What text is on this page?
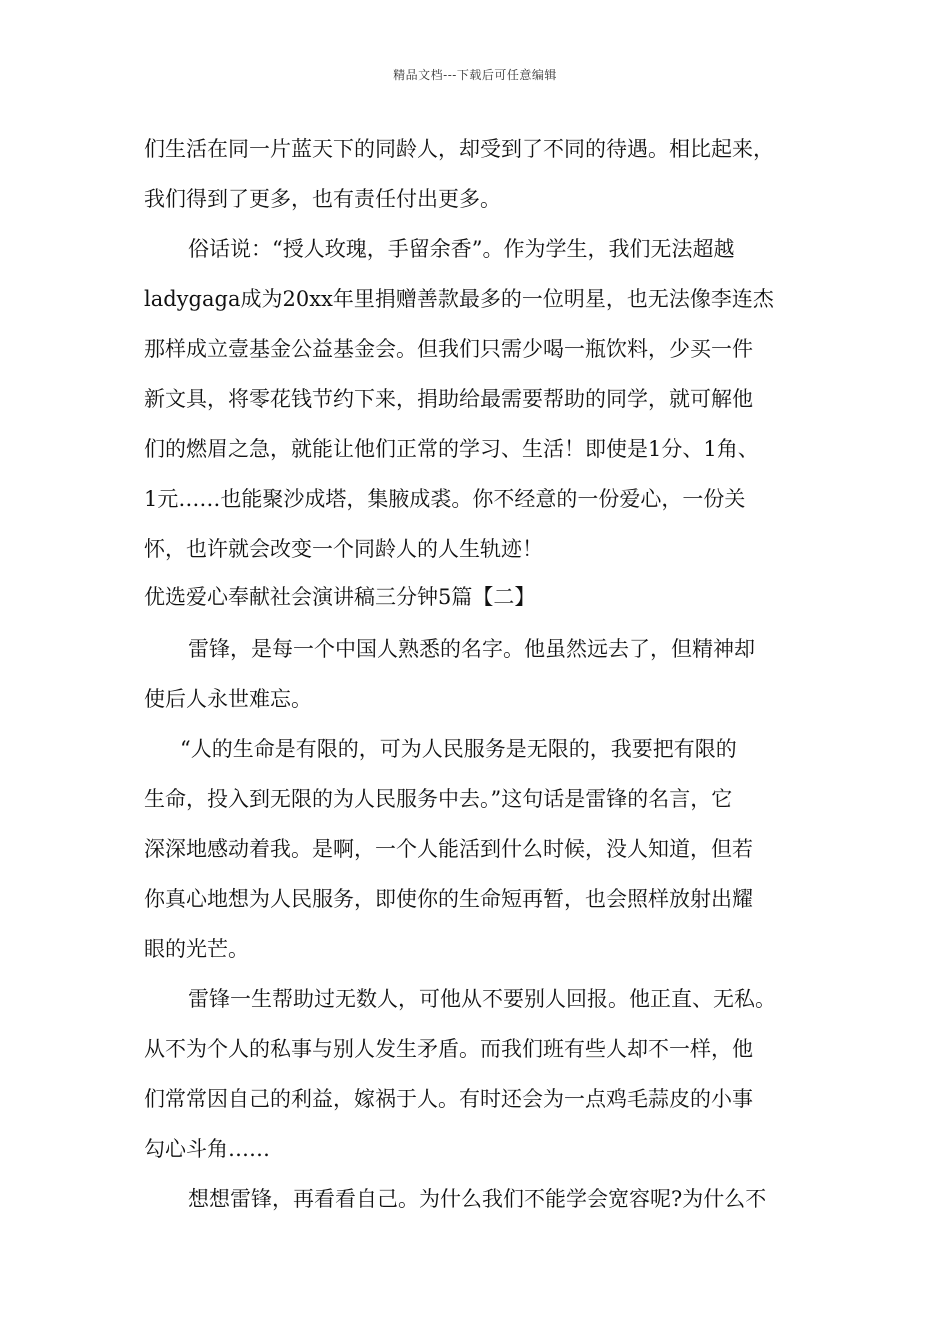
精品文档---下载后可任意编辑
们生活在同一片蓝天下的同龄人，却受到了不同的待遇。相比起来，
我们得到了更多，也有责任付出更多。
俗话说：“授人玫瑰，手留余香”。作为学生，我们无法超越
ladygaga成为20xx年里捐赠善款最多的一位明星，也无法像李连杰
那样成立壹基金公益基金会。但我们只需少喝一瓶饮料，少买一件
新文具，将零花钱节约下来，捐助给最需要帮助的同学，就可解他
们的燃眉之急，就能让他们正常的学习、生活！即使是1分、1角、
1元……也能聚沙成塔，集腋成裘。你不经意的一份爱心，一份关
怀，也许就会改变一个同龄人的人生轨迹！
优选爱心奉献社会演讲稿三分钟5篇【二】
雷锋，是每一个中国人熟悉的名字。他虽然远去了，但精神却
使后人永世难忘。
“人的生命是有限的，可为人民服务是无限的，我要把有限的
生命，投入到无限的为人民服务中去。”这句话是雷锋的名言，它
深深地感动着我。是啊，一个人能活到什么时候，没人知道，但若
你真心地想为人民服务，即使你的生命短再暂，也会照样放射出耀
眼的光芒。
雷锋一生帮助过无数人，可他从不要别人回报。他正直、无私。
从不为个人的私事与别人发生矛盾。而我们班有些人却不一样，他
们常常因自己的利益，嫁祸于人。有时还会为一点鸡毛蒜皮的小事
勾心斗角……
想想雷锋，再看看自己。为什么我们不能学会宽容呢?为什么不
